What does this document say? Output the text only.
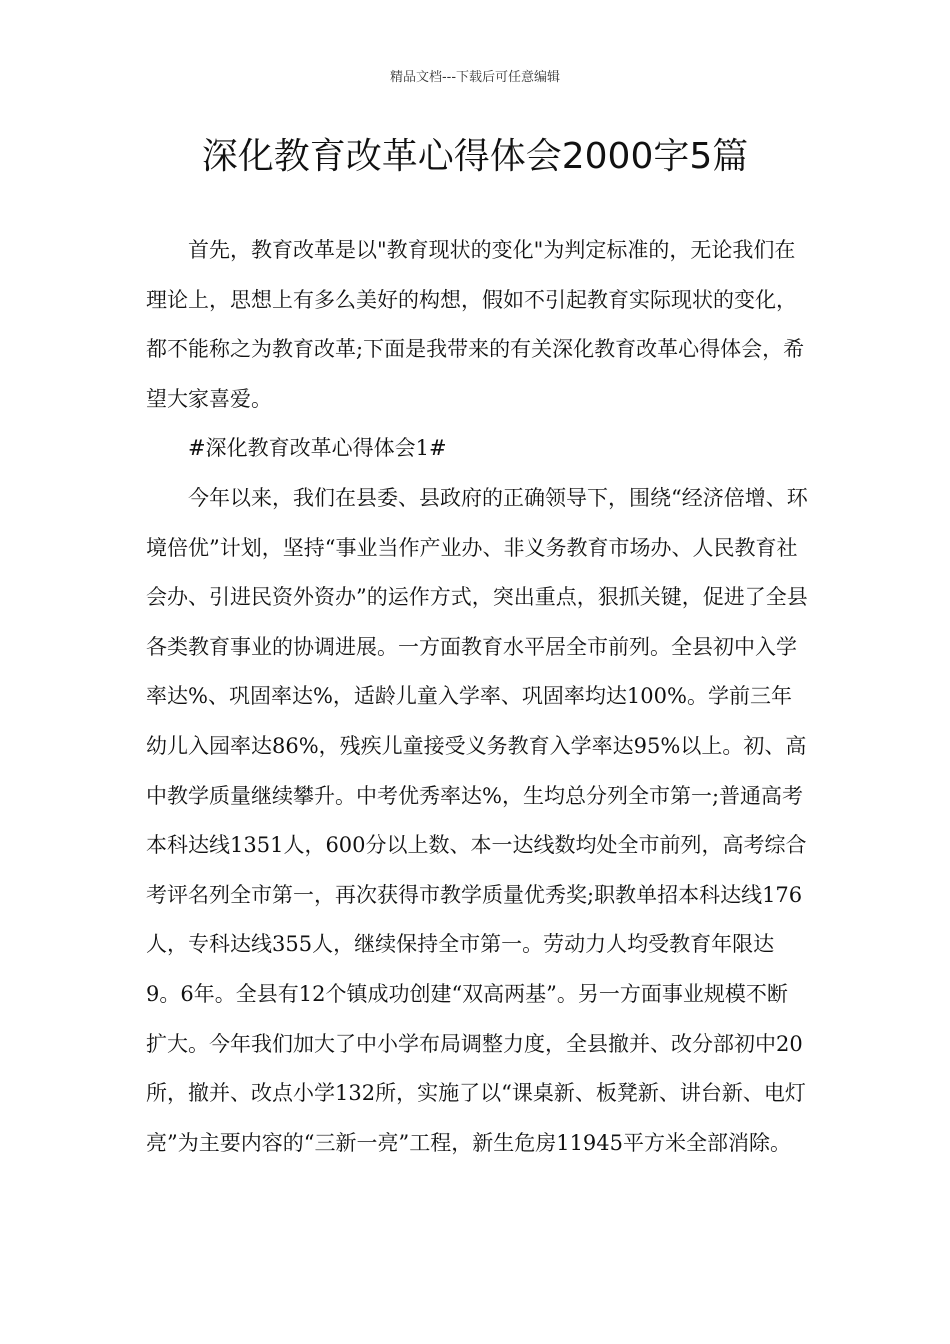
精品文档---下载后可任意编辑
深化教育改革心得体会2000字5篇

首先，教育改革是以"教育现状的变化"为判定标准的，无论我们在理论上，思想上有多么美好的构想，假如不引起教育实际现状的变化，都不能称之为教育改革;下面是我带来的有关深化教育改革心得体会，希望大家喜爱。

#深化教育改革心得体会1#

今年以来，我们在县委、县政府的正确领导下，围绕“经济倍增、环境倍优”计划，坚持“事业当作产业办、非义务教育市场办、人民教育社会办、引进民资外资办”的运作方式，突出重点，狠抓关键，促进了全县各类教育事业的协调进展。一方面教育水平居全市前列。全县初中入学率达%、巩固率达%，适龄儿童入学率、巩固率均达100%。学前三年幼儿入园率达86%，残疾儿童接受义务教育入学率达95%以上。初、高中教学质量继续攀升。中考优秀率达%，生均总分列全市第一;普通高考本科达线1351人，600分以上数、本一达线数均处全市前列，高考综合考评名列全市第一，再次获得市教学质量优秀奖;职教单招本科达线176人，专科达线355人，继续保持全市第一。劳动力人均受教育年限达9。6年。全县有12个镇成功创建“双高两基”。另一方面事业规模不断扩大。今年我们加大了中小学布局调整力度，全县撤并、改分部初中20所，撤并、改点小学132所，实施了以“课桌新、板凳新、讲台新、电灯亮”为主要内容的“三新一亮”工程，新生危房11945平方米全部消除。
